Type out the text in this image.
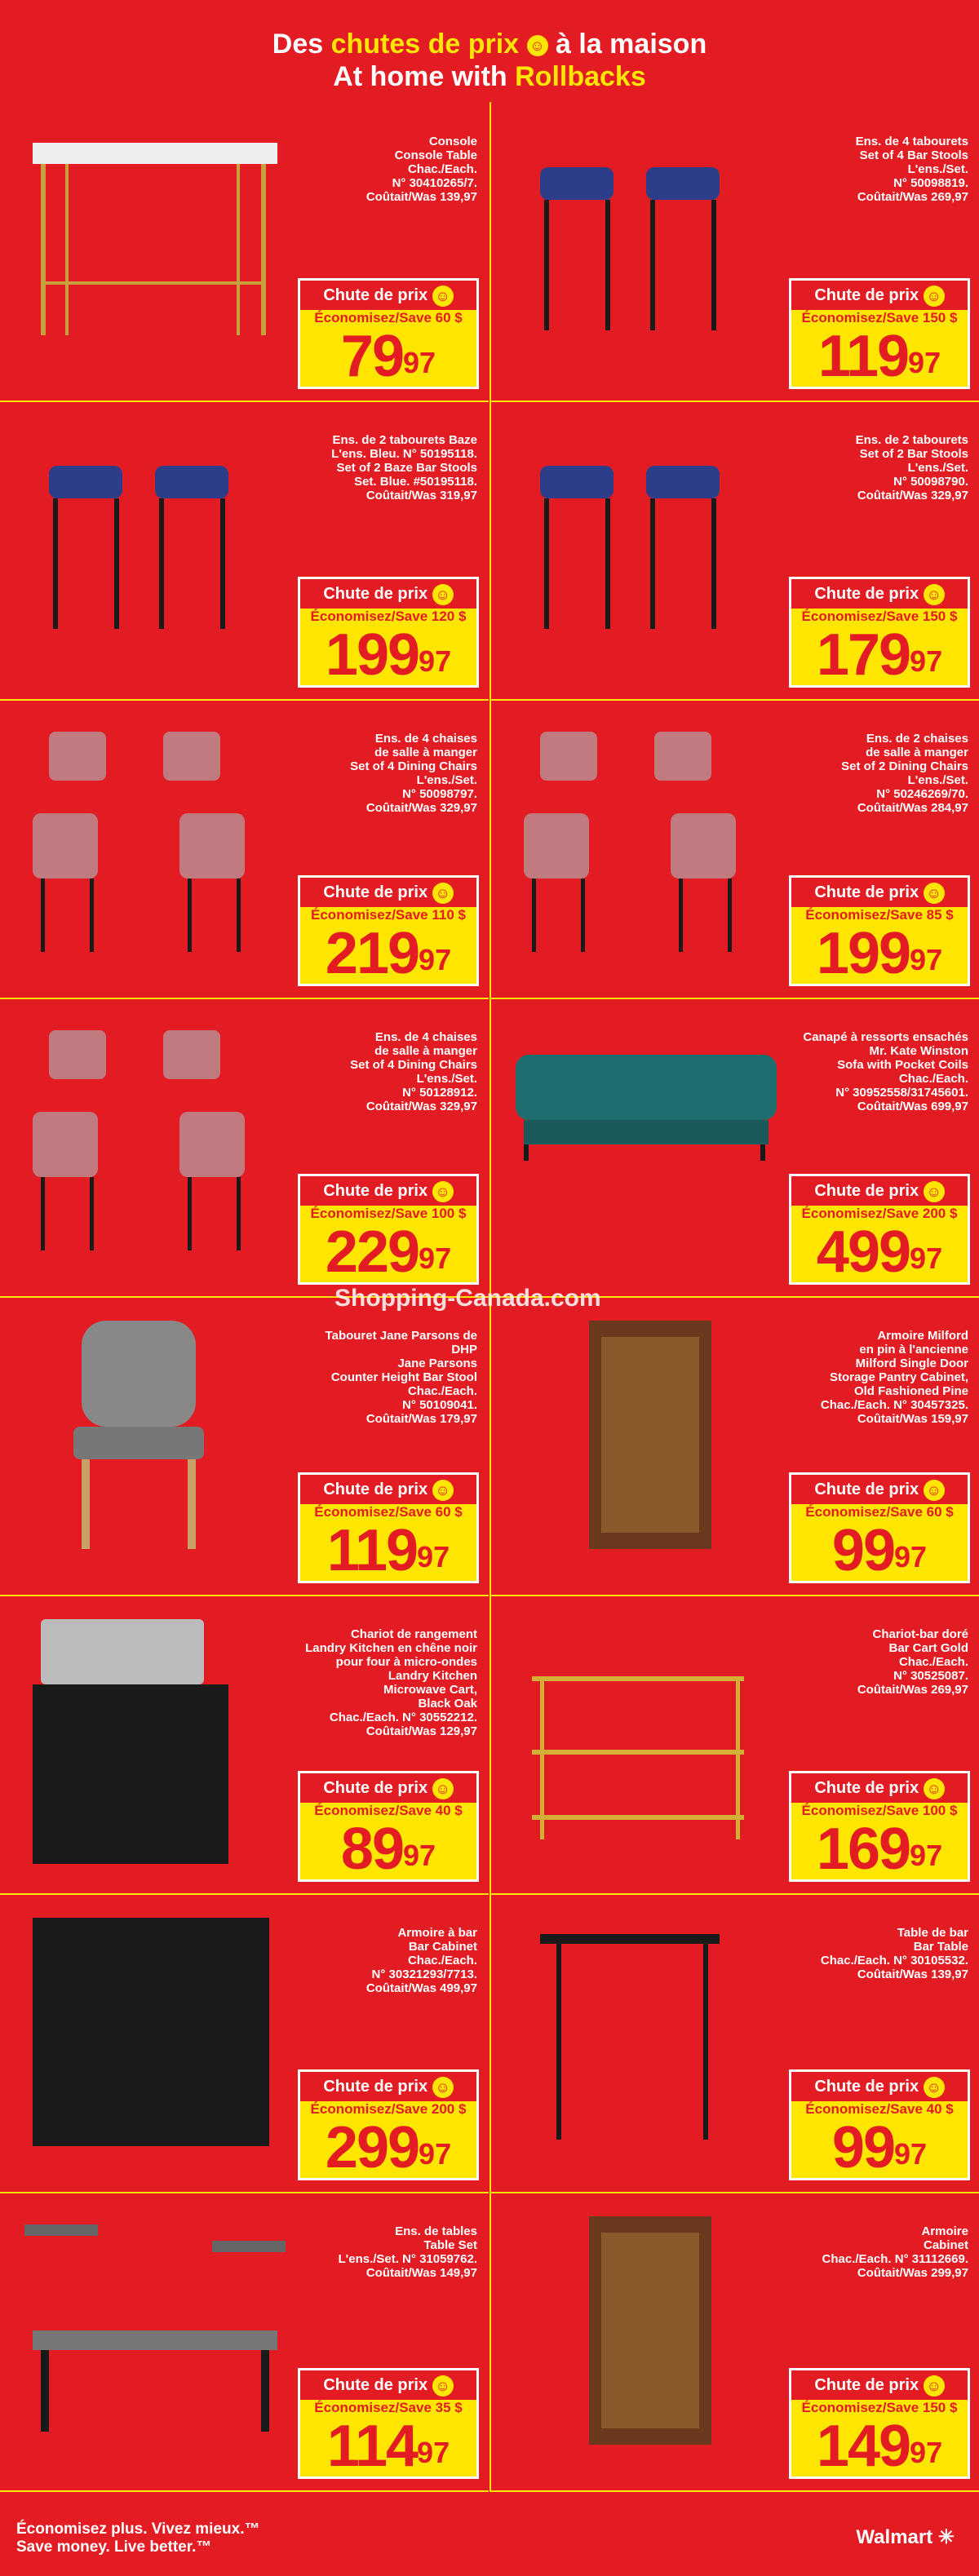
Des chutes de prix ☺ à la maison
At home with Rollbacks
Console
Console Table
Chac./Each.
N° 30410265/7.
Coûtait/Was 139,97
Chute de prix ☺
Économisez/Save 60 $
$79^{97}$
Ens. de 4 tabourets
Set of 4 Bar Stools
L'ens./Set.
N° 50098819.
Coûtait/Was 269,97
Chute de prix ☺
Économisez/Save 150 $
$119^{97}$
Ens. de 2 tabourets Baze
L'ens. Bleu. N° 50195118.
Set of 2 Baze Bar Stools
Set. Blue. #50195118.
Coûtait/Was 319,97
Chute de prix ☺
Économisez/Save 120 $
$199^{97}$
Ens. de 2 tabourets
Set of 2 Bar Stools
L'ens./Set.
N° 50098790.
Coûtait/Was 329,97
Chute de prix ☺
Économisez/Save 150 $
$179^{97}$
Ens. de 4 chaises
de salle à manger
Set of 4 Dining Chairs
L'ens./Set.
N° 50098797.
Coûtait/Was 329,97
Chute de prix ☺
Économisez/Save 110 $
$219^{97}$
Ens. de 2 chaises
de salle à manger
Set of 2 Dining Chairs
L'ens./Set.
N° 50246269/70.
Coûtait/Was 284,97
Chute de prix ☺
Économisez/Save 85 $
$199^{97}$
Ens. de 4 chaises
de salle à manger
Set of 4 Dining Chairs
L'ens./Set.
N° 50128912.
Coûtait/Was 329,97
Chute de prix ☺
Économisez/Save 100 $
$229^{97}$
Canapé à ressorts ensachés
Mr. Kate Winston
Sofa with Pocket Coils
Chac./Each.
N° 30952558/31745601.
Coûtait/Was 699,97
Chute de prix ☺
Économisez/Save 200 $
$499^{97}$
Tabouret Jane Parsons de
DHP
Jane Parsons
Counter Height Bar Stool
Chac./Each.
N° 50109041.
Coûtait/Was 179,97
Chute de prix ☺
Économisez/Save 60 $
$119^{97}$
Armoire Milford
en pin à l'ancienne
Milford Single Door
Storage Pantry Cabinet,
Old Fashioned Pine
Chac./Each. N° 30457325.
Coûtait/Was 159,97
Chute de prix ☺
Économisez/Save 60 $
$99^{97}$
Chariot de rangement
Landry Kitchen en chêne noir
pour four à micro-ondes
Landry Kitchen
Microwave Cart,
Black Oak
Chac./Each. N° 30552212.
Coûtait/Was 129,97
Chute de prix ☺
Économisez/Save 40 $
$89^{97}$
Chariot-bar doré
Bar Cart Gold
Chac./Each.
N° 30525087.
Coûtait/Was 269,97
Chute de prix ☺
Économisez/Save 100 $
$169^{97}$
Armoire à bar
Bar Cabinet
Chac./Each.
N° 30321293/7713.
Coûtait/Was 499,97
Chute de prix ☺
Économisez/Save 200 $
$299^{97}$
Table de bar
Bar Table
Chac./Each. N° 30105532.
Coûtait/Was 139,97
Chute de prix ☺
Économisez/Save 40 $
$99^{97}$
Ens. de tables
Table Set
L'ens./Set. N° 31059762.
Coûtait/Was 149,97
Chute de prix ☺
Économisez/Save 35 $
$114^{97}$
Armoire
Cabinet
Chac./Each. N° 31112669.
Coûtait/Was 299,97
Chute de prix ☺
Économisez/Save 150 $
$149^{97}$
Shopping-Canada.com
Économisez plus. Vivez mieux.™
Save money. Live better.™	Walmart ✳
